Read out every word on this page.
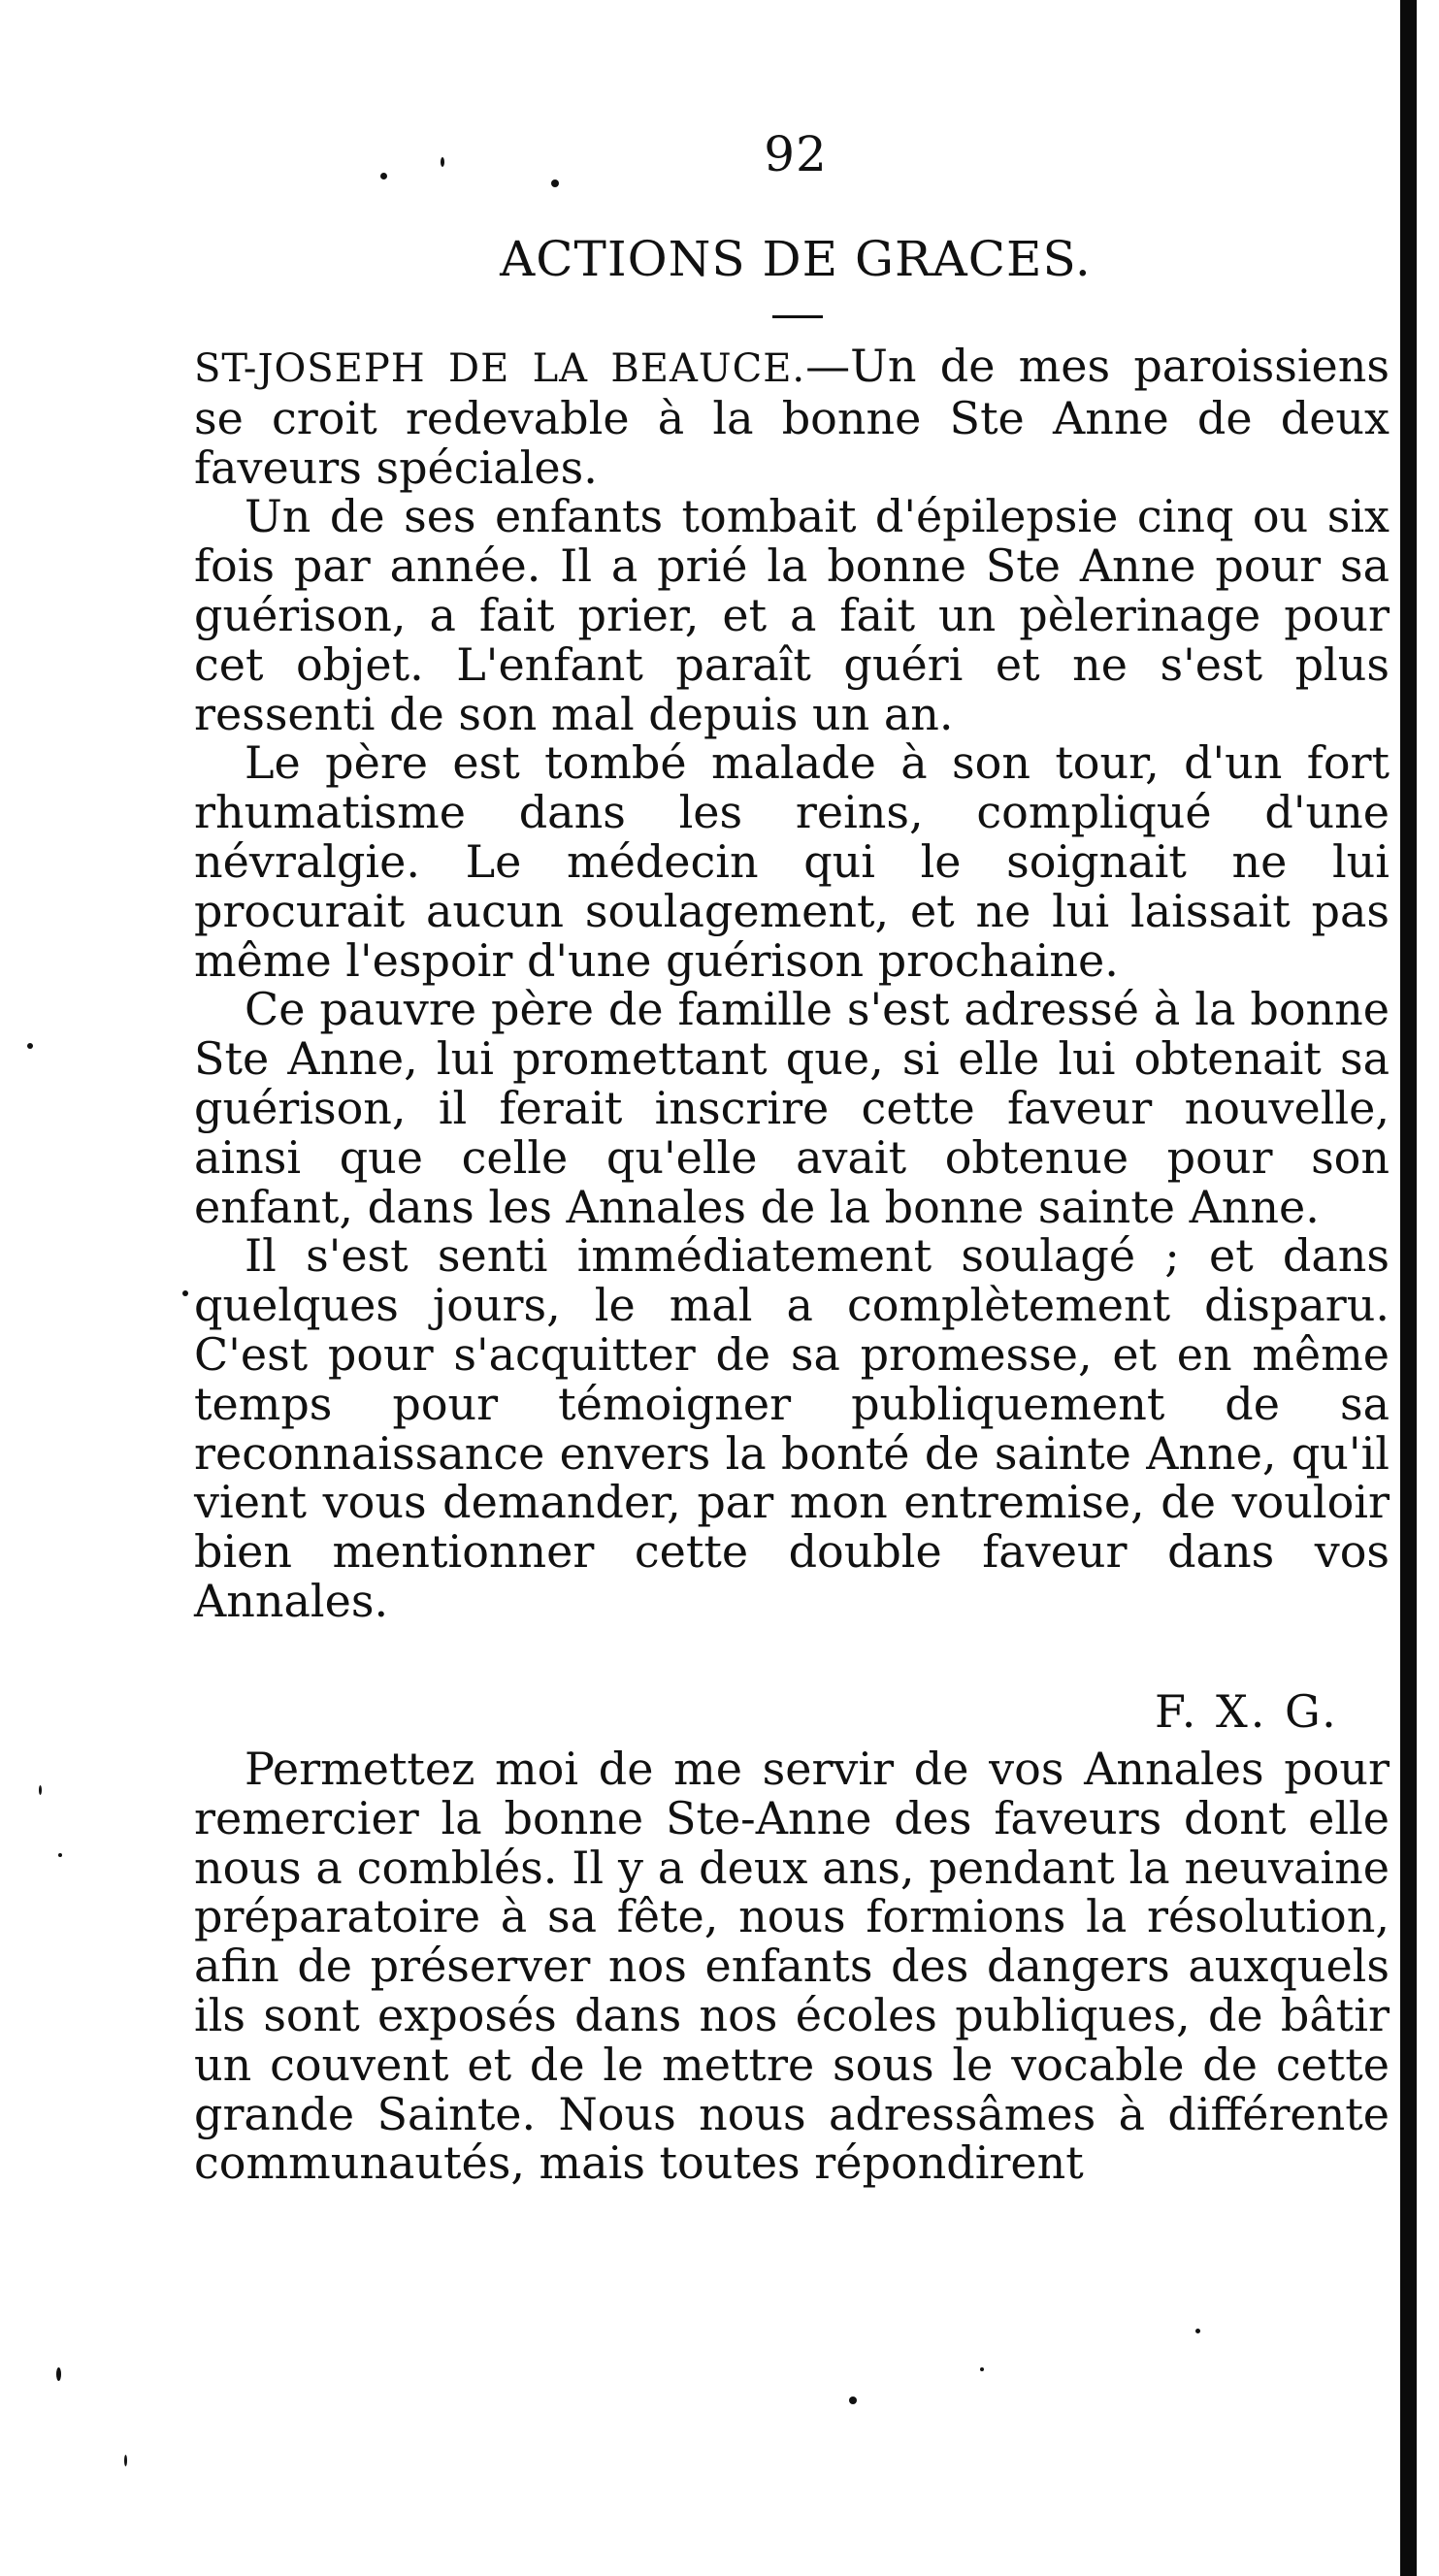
92
ACTIONS DE GRACES.

ST-JOSEPH DE LA BEAUCE.—Un de mes paroissiens se croit redevable à la bonne Ste Anne de deux faveurs spéciales.

Un de ses enfants tombait d'épilepsie cinq ou six fois par année. Il a prié la bonne Ste Anne pour sa guérison, a fait prier, et a fait un pèlerinage pour cet objet. L'enfant paraît guéri et ne s'est plus ressenti de son mal depuis un an.

Le père est tombé malade à son tour, d'un fort rhumatisme dans les reins, compliqué d'une névralgie. Le médecin qui le soignait ne lui procurait aucun soulagement, et ne lui laissait pas même l'espoir d'une guérison prochaine.

Ce pauvre père de famille s'est adressé à la bonne Ste Anne, lui promettant que, si elle lui obtenait sa guérison, il ferait inscrire cette faveur nouvelle, ainsi que celle qu'elle avait obtenue pour son enfant, dans les Annales de la bonne sainte Anne.

Il s'est senti immédiatement soulagé ; et dans quelques jours, le mal a complètement disparu. C'est pour s'acquitter de sa promesse, et en même temps pour témoigner publiquement de sa reconnaissance envers la bonté de sainte Anne, qu'il vient vous demander, par mon entremise, de vouloir bien mentionner cette double faveur dans vos Annales.

F. X. G.

Permettez moi de me servir de vos Annales pour remercier la bonne Ste-Anne des faveurs dont elle nous a comblés. Il y a deux ans, pendant la neuvaine préparatoire à sa fête, nous formions la résolution, afin de préserver nos enfants des dangers auxquels ils sont exposés dans nos écoles publiques, de bâtir un couvent et de le mettre sous le vocable de cette grande Sainte. Nous nous adressâmes à différente communautés, mais toutes répondirent
